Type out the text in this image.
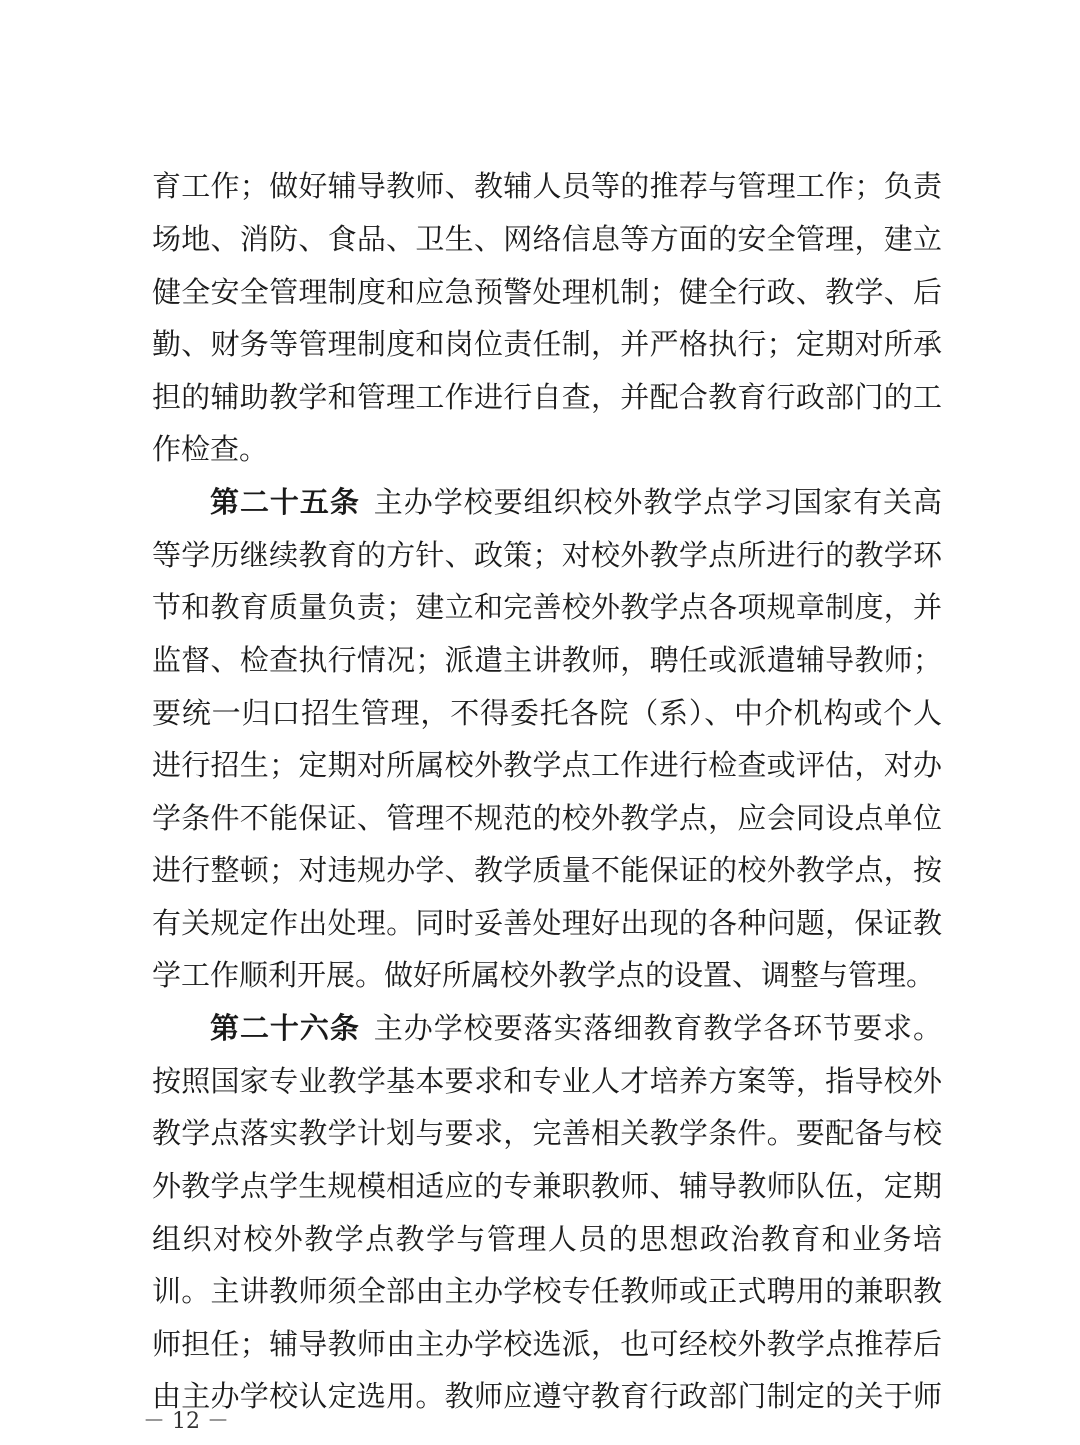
育工作；做好辅导教师、教辅人员等的推荐与管理工作；负责
场地、消防、食品、卫生、网络信息等方面的安全管理，建立
健全安全管理制度和应急预警处理机制；健全行政、教学、后
勤、财务等管理制度和岗位责任制，并严格执行；定期对所承
担的辅助教学和管理工作进行自查，并配合教育行政部门的工
作检查。
第二十五条 主办学校要组织校外教学点学习国家有关高
等学历继续教育的方针、政策；对校外教学点所进行的教学环
节和教育质量负责；建立和完善校外教学点各项规章制度，并
监督、检查执行情况；派遣主讲教师，聘任或派遣辅导教师；
要统一归口招生管理，不得委托各院（系）、中介机构或个人
进行招生；定期对所属校外教学点工作进行检查或评估，对办
学条件不能保证、管理不规范的校外教学点，应会同设点单位
进行整顿；对违规办学、教学质量不能保证的校外教学点，按
有关规定作出处理。同时妥善处理好出现的各种问题，保证教
学工作顺利开展。做好所属校外教学点的设置、调整与管理。
第二十六条 主办学校要落实落细教育教学各环节要求。
按照国家专业教学基本要求和专业人才培养方案等，指导校外
教学点落实教学计划与要求，完善相关教学条件。要配备与校
外教学点学生规模相适应的专兼职教师、辅导教师队伍，定期
组织对校外教学点教学与管理人员的思想政治教育和业务培
训。主讲教师须全部由主办学校专任教师或正式聘用的兼职教
师担任；辅导教师由主办学校选派，也可经校外教学点推荐后
由主办学校认定选用。教师应遵守教育行政部门制定的关于师
－ 12 －
